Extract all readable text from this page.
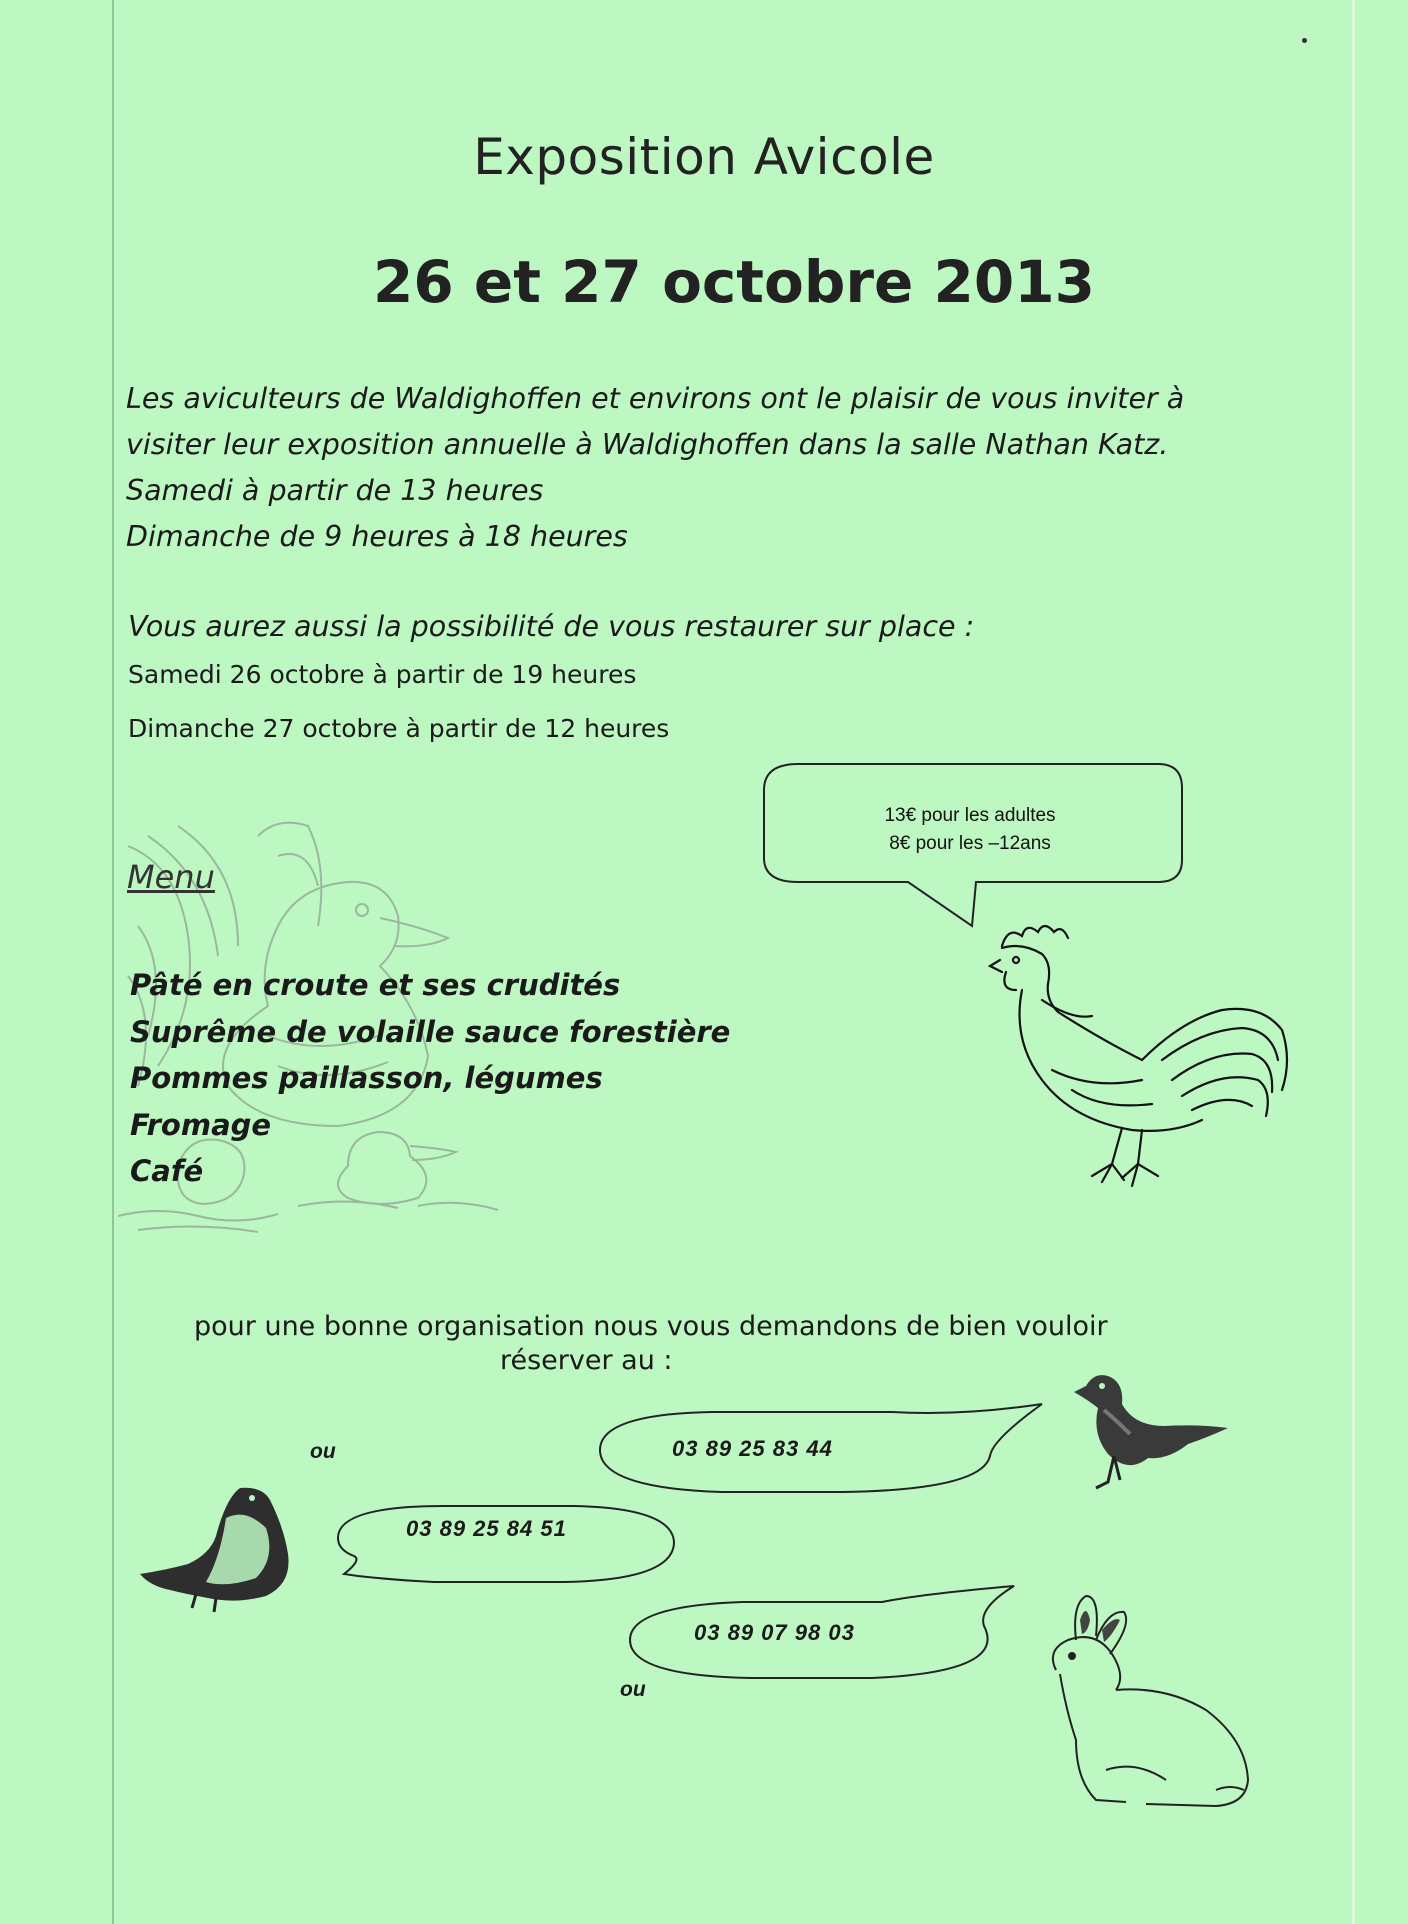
Exposition Avicole
26 et 27 octobre 2013
Les aviculteurs de Waldighoffen et environs ont le plaisir de vous inviter à
visiter leur exposition annuelle à Waldighoffen dans la salle Nathan Katz.
Samedi à partir de 13 heures
Dimanche de 9 heures à 18 heures

Vous aurez aussi la possibilité de vous restaurer sur place :

Samedi 26 octobre à partir de 19 heures

Dimanche 27 octobre à partir de 12 heures

13€ pour les adultes
8€ pour les –12ans

Menu

Pâté en croute et ses crudités
Suprême de volaille sauce forestière
Pommes paillasson, légumes
Fromage
Café
pour une bonne organisation nous vous demandons de bien vouloir
réserver au :
03 89 25 83 44
03 89 25 84 51
03 89 07 98 03
ou
ou
